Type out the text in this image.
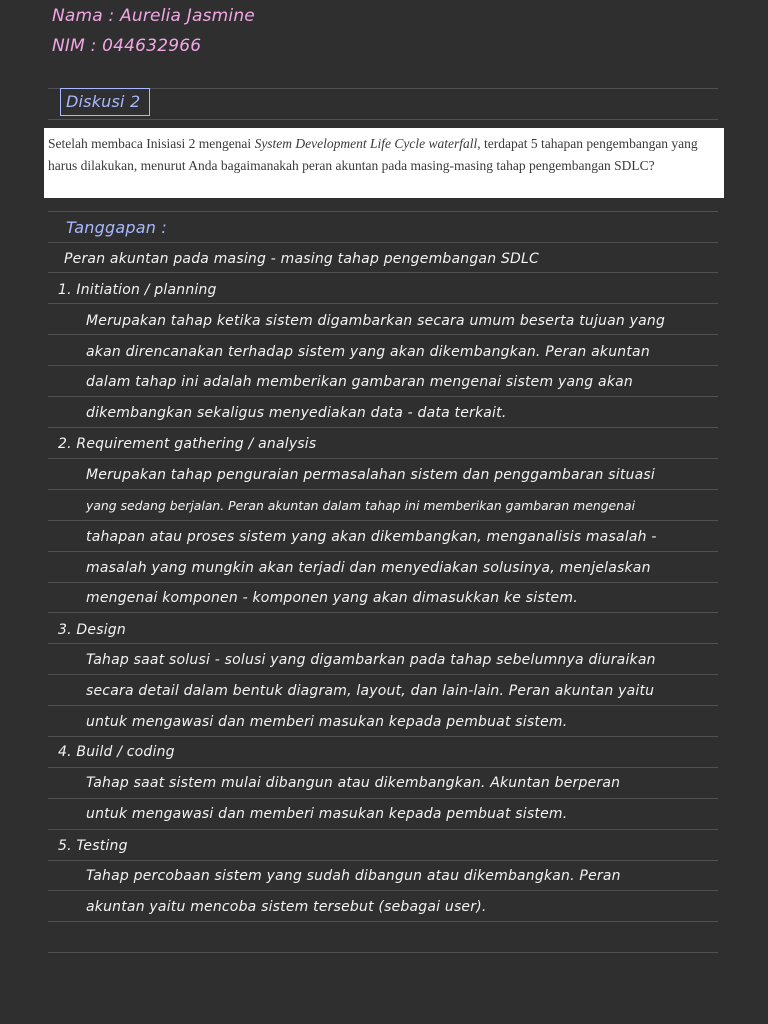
Nama : Aurelia Jasmine
NIM : 044632966
Diskusi 2
Setelah membaca Inisiasi 2 mengenai System Development Life Cycle waterfall, terdapat 5 tahapan pengembangan yang harus dilakukan, menurut Anda bagaimanakah peran akuntan pada masing-masing tahap pengembangan SDLC?
Tanggapan :
Peran akuntan pada masing - masing tahap pengembangan SDLC
1. Initiation / planning
Merupakan tahap ketika sistem digambarkan secara umum beserta tujuan yang
akan direncanakan terhadap sistem yang akan dikembangkan. Peran akuntan
dalam tahap ini adalah memberikan gambaran mengenai sistem yang akan
dikembangkan sekaligus menyediakan data - data terkait.
2. Requirement gathering / analysis
Merupakan tahap penguraian permasalahan sistem dan penggambaran situasi
yang sedang berjalan. Peran akuntan dalam tahap ini memberikan gambaran mengenai
tahapan atau proses sistem yang akan dikembangkan, menganalisis masalah -
masalah yang mungkin akan terjadi dan menyediakan solusinya, menjelaskan
mengenai komponen - komponen yang akan dimasukkan ke sistem.
3. Design
Tahap saat solusi - solusi yang digambarkan pada tahap sebelumnya diuraikan
secara detail dalam bentuk diagram, layout, dan lain-lain. Peran akuntan yaitu
untuk mengawasi dan memberi masukan kepada pembuat sistem.
4. Build / coding
Tahap saat sistem mulai dibangun atau dikembangkan. Akuntan berperan
untuk mengawasi dan memberi masukan kepada pembuat sistem.
5. Testing
Tahap percobaan sistem yang sudah dibangun atau dikembangkan. Peran
akuntan yaitu mencoba sistem tersebut (sebagai user).
